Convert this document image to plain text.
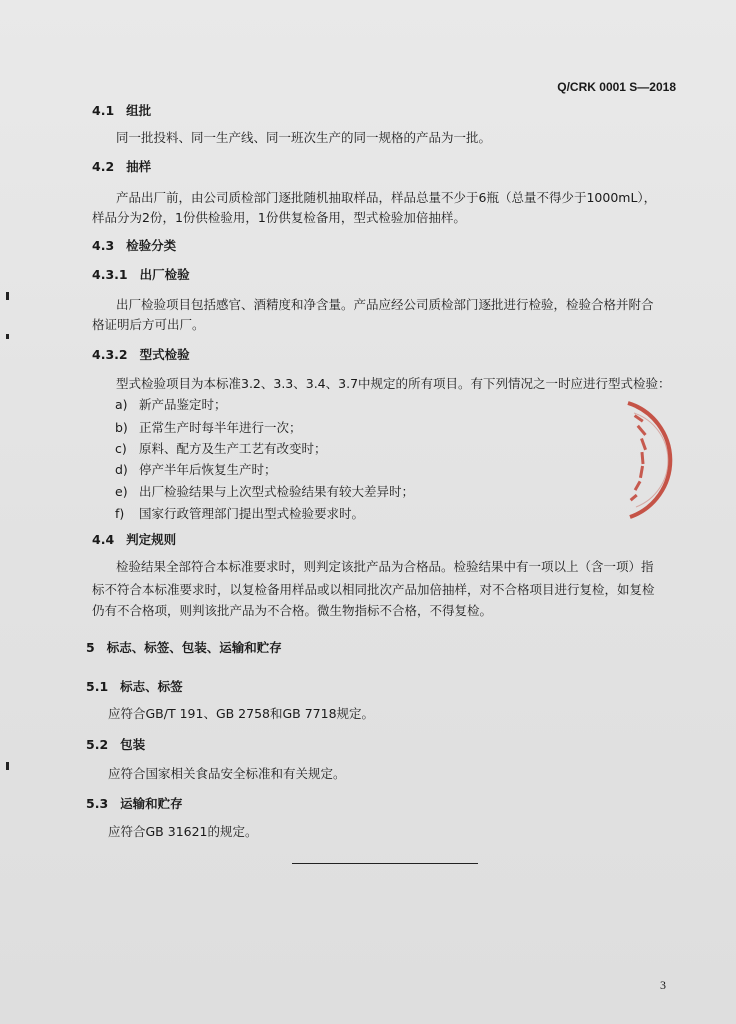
Q/CRK 0001 S—2018
4.1 组批
同一批投料、同一生产线、同一班次生产的同一规格的产品为一批。
4.2 抽样
产品出厂前，由公司质检部门逐批随机抽取样品，样品总量不少于6瓶（总量不得少于1000mL），
样品分为2份，1份供检验用，1份供复检备用，型式检验加倍抽样。
4.3 检验分类
4.3.1 出厂检验
出厂检验项目包括感官、酒精度和净含量。产品应经公司质检部门逐批进行检验，检验合格并附合
格证明后方可出厂。
4.3.2 型式检验
型式检验项目为本标准3.2、3.3、3.4、3.7中规定的所有项目。有下列情况之一时应进行型式检验：
a) 新产品鉴定时；
b) 正常生产时每半年进行一次；
c) 原料、配方及生产工艺有改变时；
d) 停产半年后恢复生产时；
e) 出厂检验结果与上次型式检验结果有较大差异时；
f) 国家行政管理部门提出型式检验要求时。
4.4 判定规则
检验结果全部符合本标准要求时，则判定该批产品为合格品。检验结果中有一项以上（含一项）指
标不符合本标准要求时，以复检备用样品或以相同批次产品加倍抽样，对不合格项目进行复检，如复检
仍有不合格项，则判该批产品为不合格。微生物指标不合格，不得复检。
5 标志、标签、包装、运输和贮存
5.1 标志、标签
应符合GB/T 191、GB 2758和GB 7718规定。
5.2 包装
应符合国家相关食品安全标准和有关规定。
5.3 运输和贮存
应符合GB 31621的规定。
3
